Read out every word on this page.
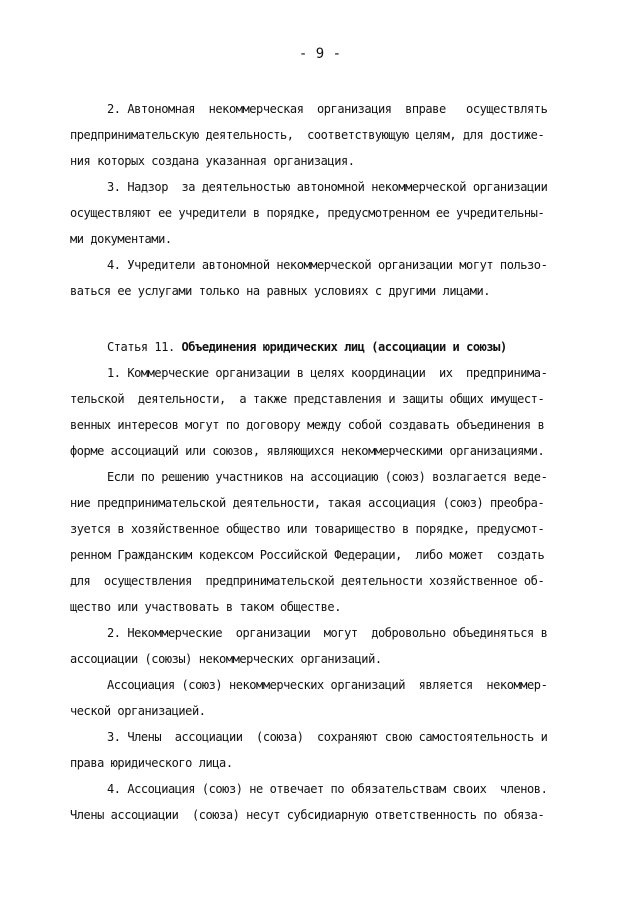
- 9 -
2. Автономная  некоммерческая  организация  вправе   осуществлять
предпринимательскую деятельность,  соответствующую целям, для достиже-
ния которых создана указанная организация.
3. Надзор  за деятельностью автономной некоммерческой организации
осуществляют ее учредители в порядке, предусмотренном ее учредительны-
ми документами.
4. Учредители автономной некоммерческой организации могут пользо-
ваться ее услугами только на равных условиях с другими лицами.
Статья 11. Объединения юридических лиц (ассоциации и союзы)
1. Коммерческие организации в целях координации  их  предпринима-
тельской  деятельности,  а также представления и защиты общих имущест-
венных интересов могут по договору между собой создавать объединения в
форме ассоциаций или союзов, являющихся некоммерческими организациями.
Если по решению участников на ассоциацию (союз) возлагается веде-
ние предпринимательской деятельности, такая ассоциация (союз) преобра-
зуется в хозяйственное общество или товарищество в порядке, предусмот-
ренном Гражданским кодексом Российской Федерации,  либо может  создать
для  осуществления  предпринимательской деятельности хозяйственное об-
щество или участвовать в таком обществе.
2. Некоммерческие  организации  могут  добровольно объединяться в
ассоциации (союзы) некоммерческих организаций.
Ассоциация (союз) некоммерческих организаций  является  некоммер-
ческой организацией.
3. Члены  ассоциации  (союза)  сохраняют свою самостоятельность и
права юридического лица.
4. Ассоциация (союз) не отвечает по обязательствам своих  членов.
Члены ассоциации  (союза) несут субсидиарную ответственность по обяза-
